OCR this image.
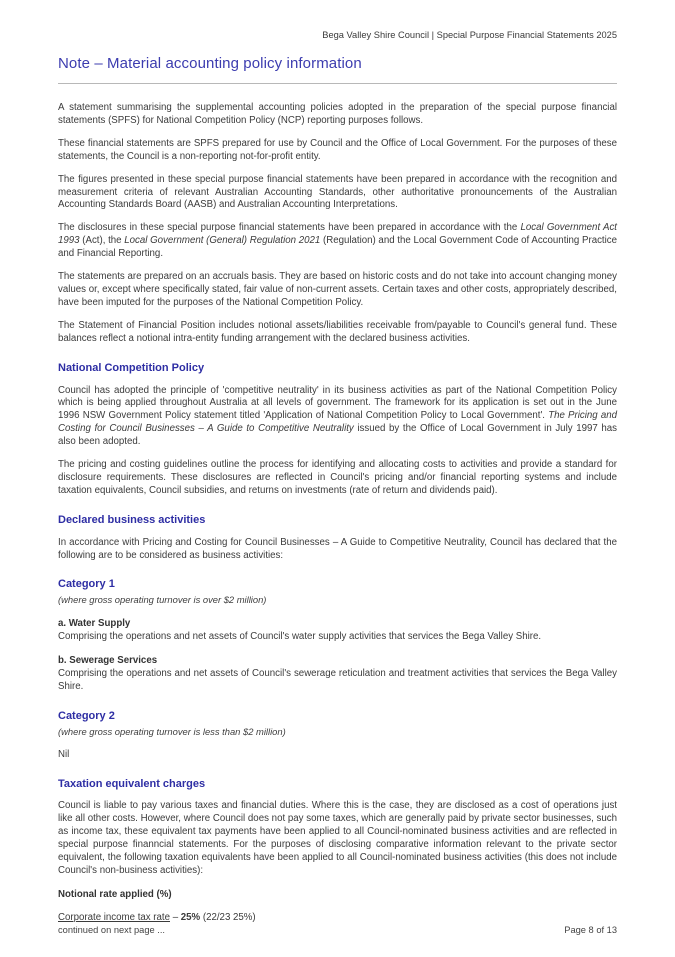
Bega Valley Shire Council | Special Purpose Financial Statements 2025
Note – Material accounting policy information

A statement summarising the supplemental accounting policies adopted in the preparation of the special purpose financial statements (SPFS) for National Competition Policy (NCP) reporting purposes follows.

These financial statements are SPFS prepared for use by Council and the Office of Local Government. For the purposes of these statements, the Council is a non-reporting not-for-profit entity.

The figures presented in these special purpose financial statements have been prepared in accordance with the recognition and measurement criteria of relevant Australian Accounting Standards, other authoritative pronouncements of the Australian Accounting Standards Board (AASB) and Australian Accounting Interpretations.

The disclosures in these special purpose financial statements have been prepared in accordance with the Local Government Act 1993 (Act), the Local Government (General) Regulation 2021 (Regulation) and the Local Government Code of Accounting Practice and Financial Reporting.

The statements are prepared on an accruals basis. They are based on historic costs and do not take into account changing money values or, except where specifically stated, fair value of non-current assets. Certain taxes and other costs, appropriately described, have been imputed for the purposes of the National Competition Policy.

The Statement of Financial Position includes notional assets/liabilities receivable from/payable to Council's general fund. These balances reflect a notional intra-entity funding arrangement with the declared business activities.

National Competition Policy

Council has adopted the principle of 'competitive neutrality' in its business activities as part of the National Competition Policy which is being applied throughout Australia at all levels of government. The framework for its application is set out in the June 1996 NSW Government Policy statement titled 'Application of National Competition Policy to Local Government'. The Pricing and Costing for Council Businesses – A Guide to Competitive Neutrality issued by the Office of Local Government in July 1997 has also been adopted.

The pricing and costing guidelines outline the process for identifying and allocating costs to activities and provide a standard for disclosure requirements. These disclosures are reflected in Council's pricing and/or financial reporting systems and include taxation equivalents, Council subsidies, and returns on investments (rate of return and dividends paid).

Declared business activities

In accordance with Pricing and Costing for Council Businesses – A Guide to Competitive Neutrality, Council has declared that the following are to be considered as business activities:

Category 1
(where gross operating turnover is over $2 million)
a. Water Supply

Comprising the operations and net assets of Council's water supply activities that services the Bega Valley Shire.

b. Sewerage Services

Comprising the operations and net assets of Council's sewerage reticulation and treatment activities that services the Bega Valley Shire.

Category 2
(where gross operating turnover is less than $2 million)

Nil

Taxation equivalent charges

Council is liable to pay various taxes and financial duties. Where this is the case, they are disclosed as a cost of operations just like all other costs. However, where Council does not pay some taxes, which are generally paid by private sector businesses, such as income tax, these equivalent tax payments have been applied to all Council-nominated business activities and are reflected in special purpose finanncial statements. For the purposes of disclosing comparative information relevant to the private sector equivalent, the following taxation equivalents have been applied to all Council-nominated business activities (this does not include Council's non-business activities):

Notional rate applied (%)

Corporate income tax rate – 25% (22/23 25%)

continued on next page ...	Page 8 of 13
